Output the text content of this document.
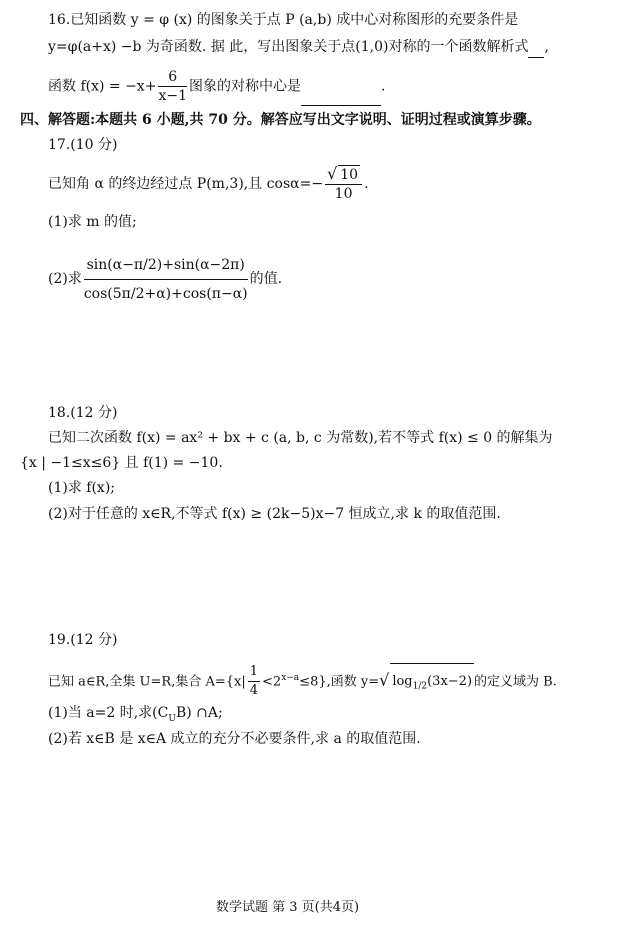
16.已知函数 y = φ (x) 的图象关于点 P (a,b) 成中心对称图形的充要条件是
y=φ(a+x) −b 为奇函数. 据 此，写出图象关于点(1,0)对称的一个函数解析式 ,
函数 $f(x) = -x+ \frac{6}{x-1}$ 图象的对称中心是	.
四、解答题:本题共 6 小题,共 70 分。解答应写出文字说明、证明过程或演算步骤。
17.(10 分)
已知角 α 的终边经过点 P(m,3),且 $\cos\alpha=- \frac{√ 10}{10}$ .
(1)求 m 的值;
(2)求 $\frac{\sin(\alpha-\pi/2)+\sin(\alpha-2\pi)}{\cos(5\pi/2+\alpha)+\cos(\pi-\alpha)}$ 的值.
18.(12 分)
已知二次函数 f(x) = ax² + bx + c (a, b, c 为常数),若不等式 f(x) ≤ 0 的解集为
{x | −1≤x≤6} 且 f(1) = −10.
(1)求 f(x);
(2)对于任意的 x∈R,不等式 f(x) ≥ (2k−5)x−7 恒成立,求 k 的取值范围.
19.(12 分)
已知 a∈R,全集 U=R,集合 $A=\{x| \frac{1}{4} <2^{x-a}\le 8\}$,函数 y=√ $\log_{1/2}(3x-2)$ 的定义域为 B.
(1)当 a=2 时,求$(C_UB)$ ∩A;
(2)若 x∈B 是 x∈A 成立的充分不必要条件,求 a 的取值范围.
数学试题 第 3 页(共4页)
